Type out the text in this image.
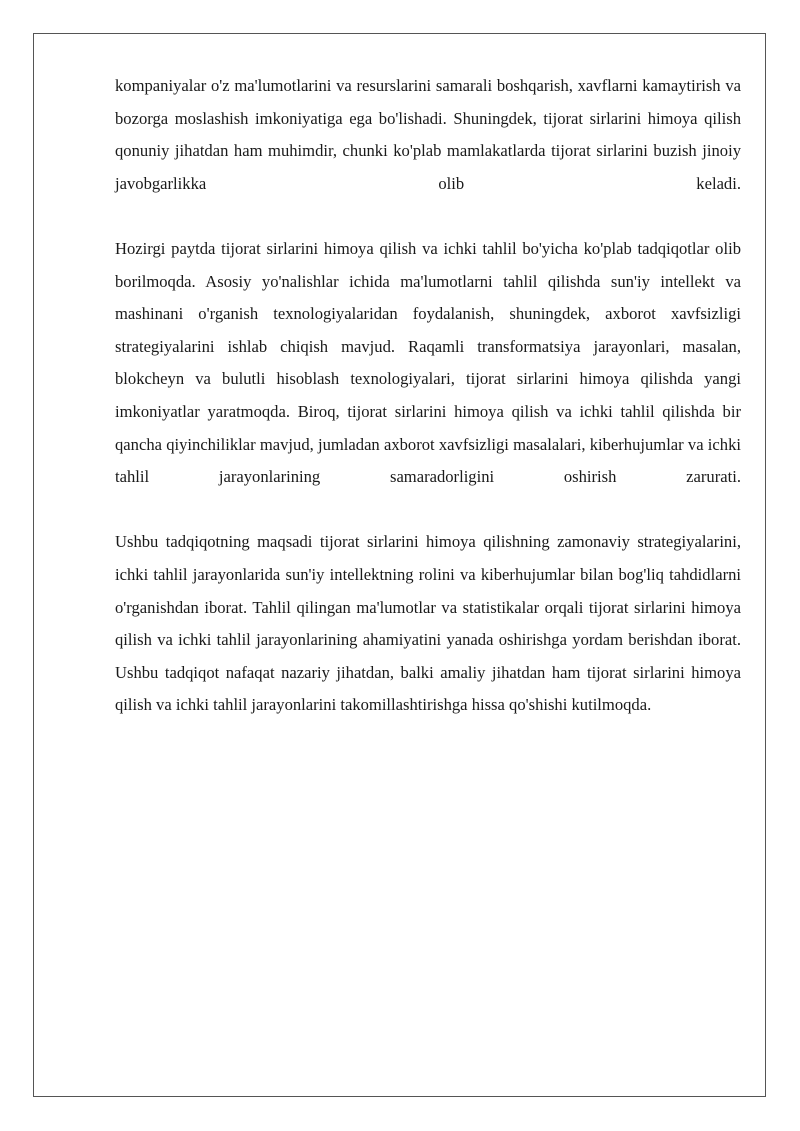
kompaniyalar o'z ma'lumotlarini va resurslarini samarali boshqarish, xavflarni kamaytirish va bozorga moslashish imkoniyatiga ega bo'lishadi. Shuningdek, tijorat sirlarini himoya qilish qonuniy jihatdan ham muhimdir, chunki ko'plab mamlakatlarda tijorat sirlarini buzish jinoiy javobgarlikka olib keladi.

Hozirgi paytda tijorat sirlarini himoya qilish va ichki tahlil bo'yicha ko'plab tadqiqotlar olib borilmoqda. Asosiy yo'nalishlar ichida ma'lumotlarni tahlil qilishda sun'iy intellekt va mashinani o'rganish texnologiyalaridan foydalanish, shuningdek, axborot xavfsizligi strategiyalarini ishlab chiqish mavjud. Raqamli transformatsiya jarayonlari, masalan, blokcheyn va bulutli hisoblash texnologiyalari, tijorat sirlarini himoya qilishda yangi imkoniyatlar yaratmoqda. Biroq, tijorat sirlarini himoya qilish va ichki tahlil qilishda bir qancha qiyinchiliklar mavjud, jumladan axborot xavfsizligi masalalari, kiberhujumlar va ichki tahlil jarayonlarining samaradorligini oshirish zarurati.

Ushbu tadqiqotning maqsadi tijorat sirlarini himoya qilishning zamonaviy strategiyalarini, ichki tahlil jarayonlarida sun'iy intellektning rolini va kiberhujumlar bilan bog'liq tahdidlarni o'rganishdan iborat. Tahlil qilingan ma'lumotlar va statistikalar orqali tijorat sirlarini himoya qilish va ichki tahlil jarayonlarining ahamiyatini yanada oshirishga yordam berishdan iborat. Ushbu tadqiqot nafaqat nazariy jihatdan, balki amaliy jihatdan ham tijorat sirlarini himoya qilish va ichki tahlil jarayonlarini takomillashtirishga hissa qo'shishi kutilmoqda.
